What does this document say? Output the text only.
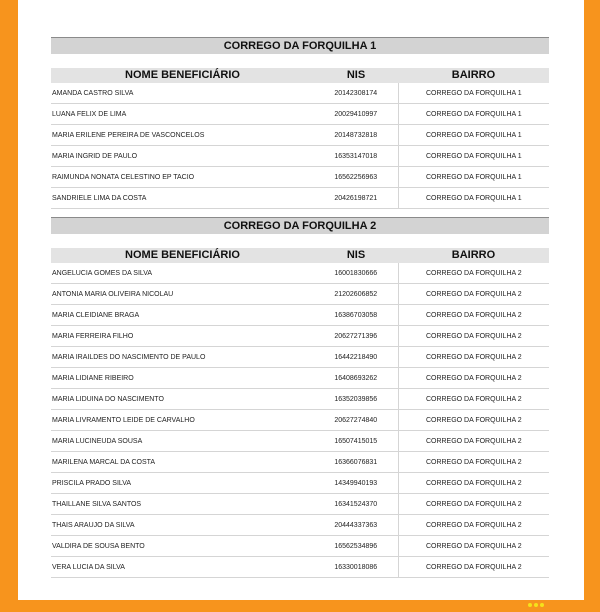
CORREGO DA FORQUILHA 1
NOME BENEFICIÁRIO	NIS	BAIRRO
AMANDA CASTRO SILVA	20142308174	CORREGO DA FORQUILHA 1
LUANA FELIX DE LIMA	20029410997	CORREGO DA FORQUILHA 1
MARIA ERILENE PEREIRA DE VASCONCELOS	20148732818	CORREGO DA FORQUILHA 1
MARIA INGRID DE PAULO	16353147018	CORREGO DA FORQUILHA 1
RAIMUNDA NONATA CELESTINO EP TACIO	16562256963	CORREGO DA FORQUILHA 1
SANDRIELE LIMA DA COSTA	20426198721	CORREGO DA FORQUILHA 1
CORREGO DA FORQUILHA 2
NOME BENEFICIÁRIO	NIS	BAIRRO
ANGELUCIA GOMES DA SILVA	16001830666	CORREGO DA FORQUILHA 2
ANTONIA MARIA OLIVEIRA NICOLAU	21202606852	CORREGO DA FORQUILHA 2
MARIA CLEIDIANE BRAGA	16386703058	CORREGO DA FORQUILHA 2
MARIA FERREIRA FILHO	20627271396	CORREGO DA FORQUILHA 2
MARIA IRAILDES DO NASCIMENTO DE PAULO	16442218490	CORREGO DA FORQUILHA 2
MARIA LIDIANE RIBEIRO	16408693262	CORREGO DA FORQUILHA 2
MARIA LIDUINA DO NASCIMENTO	16352039856	CORREGO DA FORQUILHA 2
MARIA LIVRAMENTO LEIDE DE CARVALHO	20627274840	CORREGO DA FORQUILHA 2
MARIA LUCINEUDA SOUSA	16507415015	CORREGO DA FORQUILHA 2
MARILENA MARCAL DA COSTA	16366076831	CORREGO DA FORQUILHA 2
PRISCILA PRADO SILVA	14349940193	CORREGO DA FORQUILHA 2
THAILLANE SILVA SANTOS	16341524370	CORREGO DA FORQUILHA 2
THAIS ARAUJO DA SILVA	20444337363	CORREGO DA FORQUILHA 2
VALDIRA DE SOUSA BENTO	16562534896	CORREGO DA FORQUILHA 2
VERA LUCIA DA SILVA	16330018086	CORREGO DA FORQUILHA 2
